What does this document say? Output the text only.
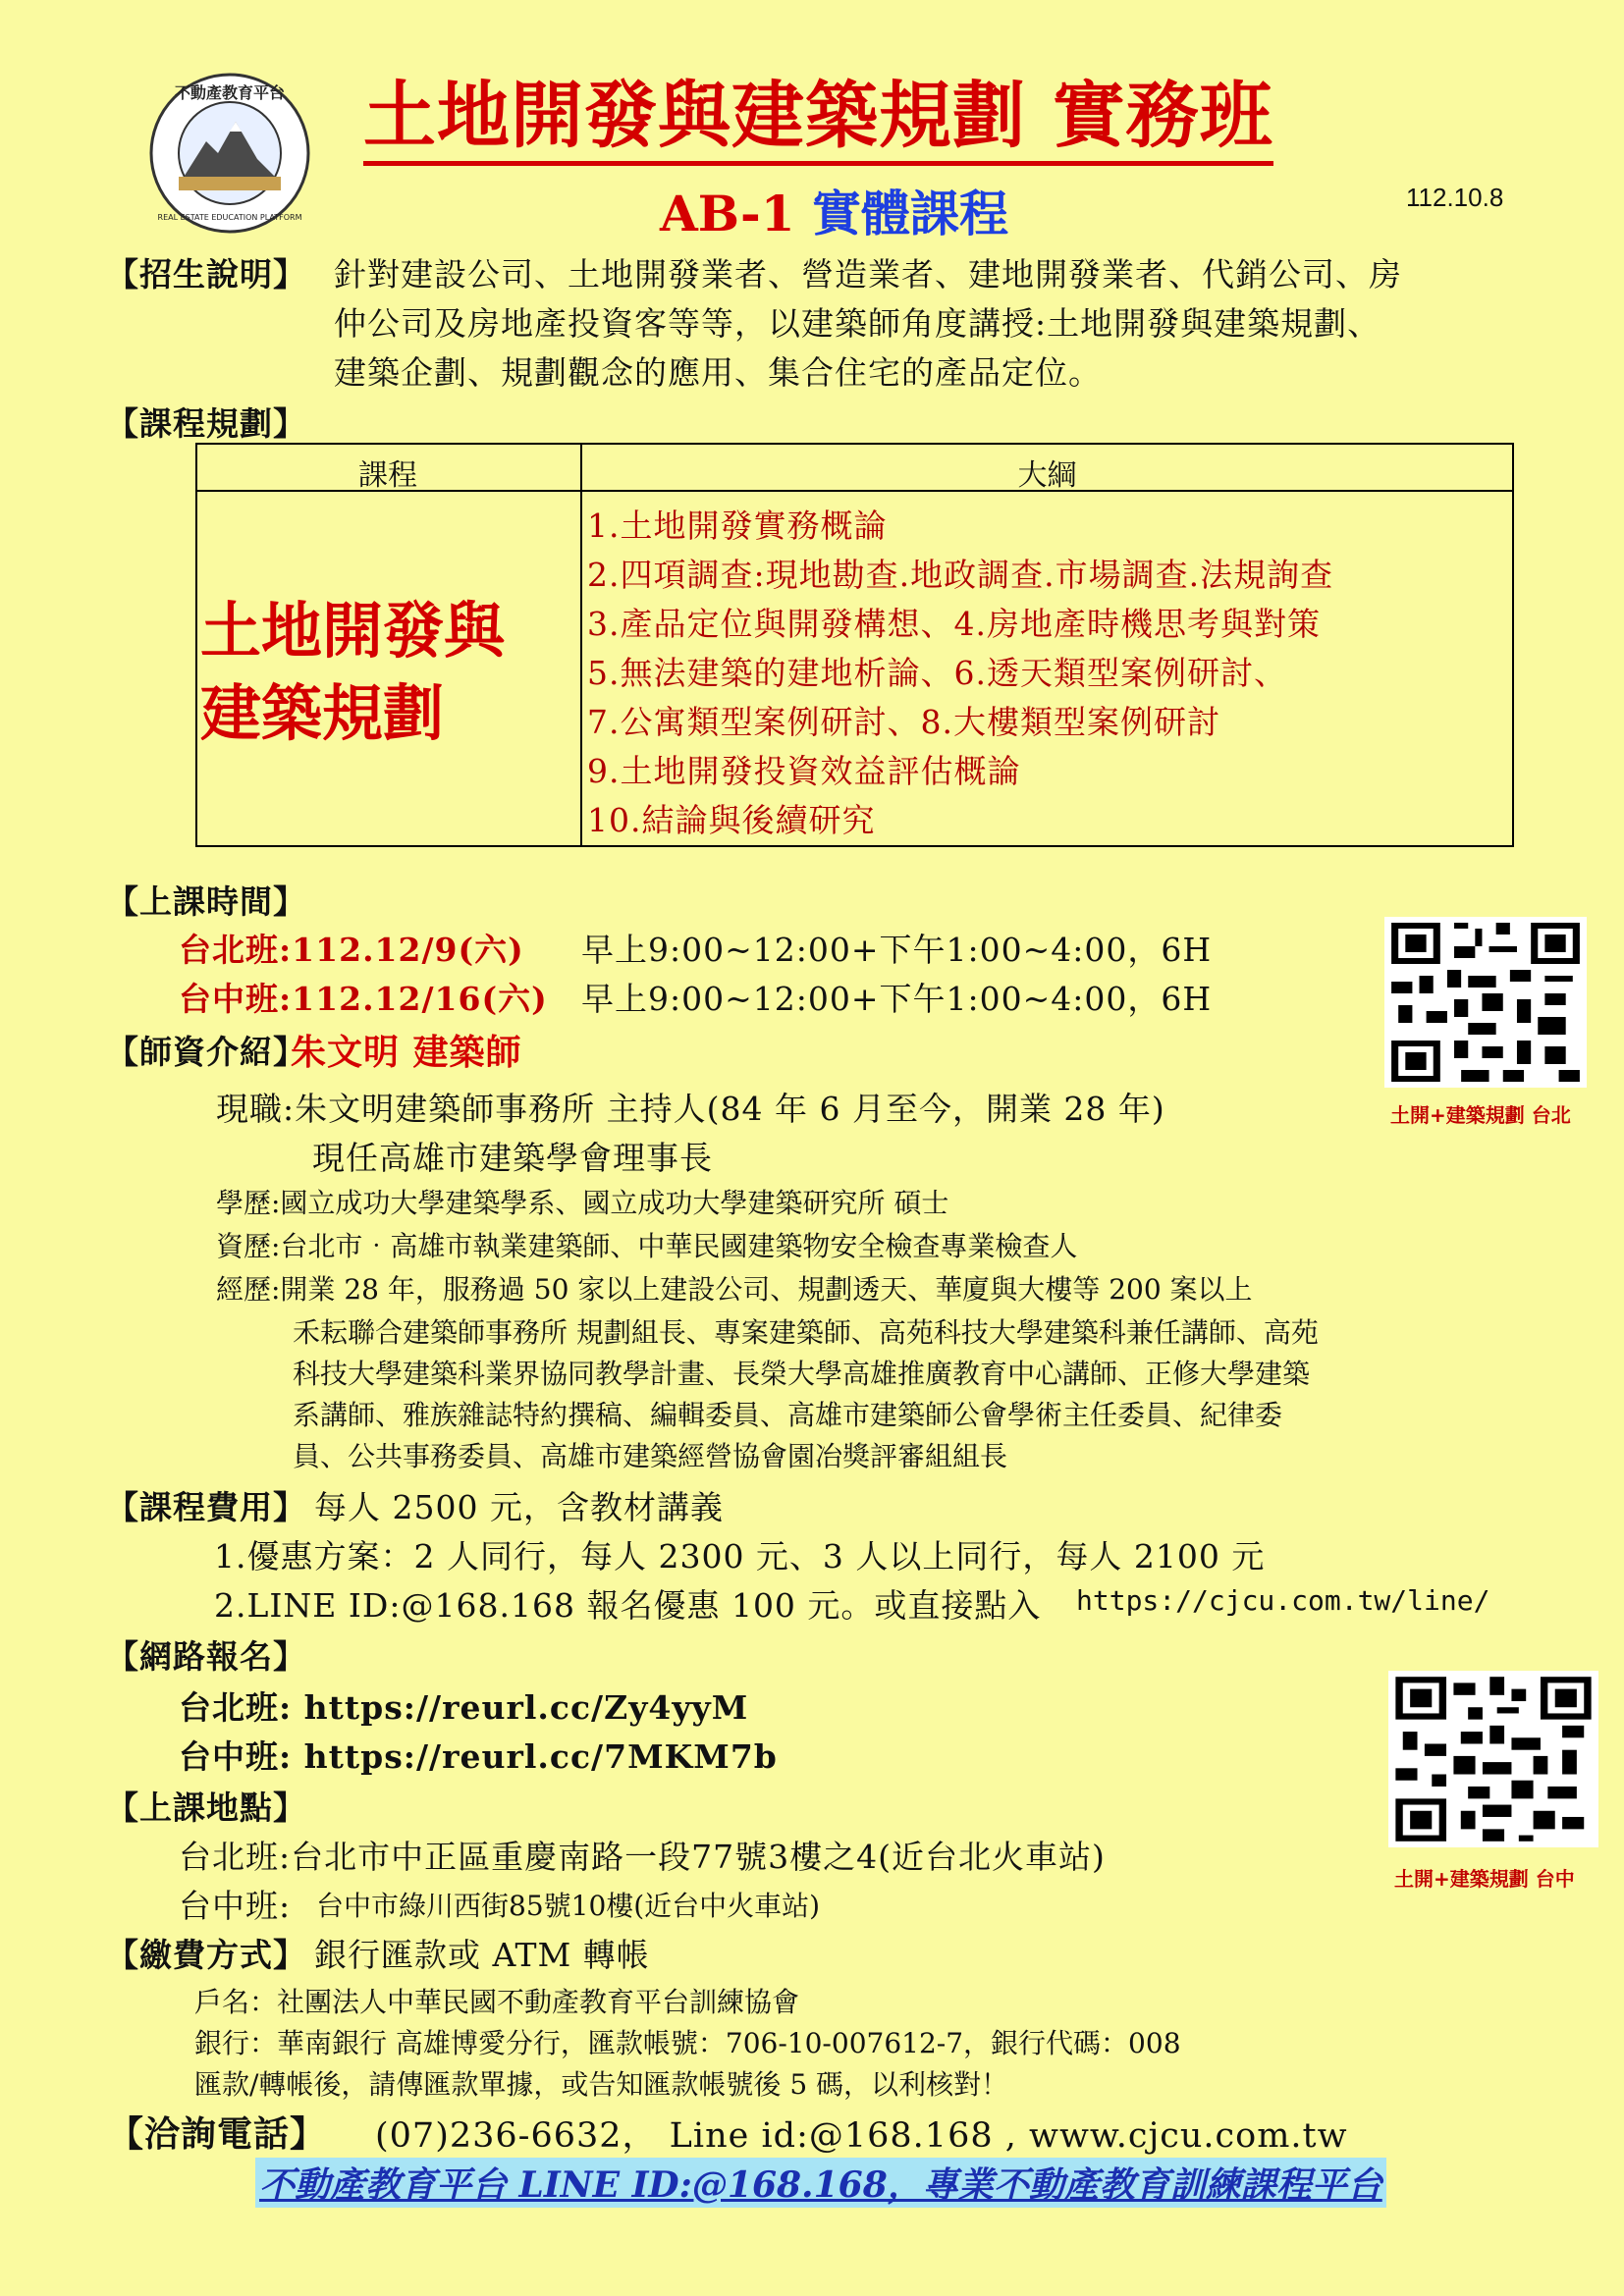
不動產教育平台
REAL ESTATE EDUCATION PLATFORM
土地開發與建築規劃 實務班
AB-1 實體課程	112.10.8
【招生說明】 針對建設公司、土地開發業者、營造業者、建地開發業者、代銷公司、房
仲公司及房地產投資客等等，以建築師角度講授:土地開發與建築規劃、
建築企劃、規劃觀念的應用、集合住宅的產品定位。
【課程規劃】
課程	大綱
土地開發與
建築規劃
1.土地開發實務概論
2.四項調查:現地勘查.地政調查.市場調查.法規詢查
3.產品定位與開發構想、4.房地產時機思考與對策
5.無法建築的建地析論、6.透天類型案例研討、
7.公寓類型案例研討、8.大樓類型案例研討
9.土地開發投資效益評估概論
10.結論與後續研究
【上課時間】
台北班:112.12/9(六) 早上9:00~12:00+下午1:00~4:00，6H
台中班:112.12/16(六) 早上9:00~12:00+下午1:00~4:00，6H
土開+建築規劃 台北
【師資介紹】
朱文明 建築師
現職:朱文明建築師事務所 主持人(84 年 6 月至今，開業 28 年)
現任高雄市建築學會理事長
學歷:國立成功大學建築學系、國立成功大學建築研究所 碩士
資歷:台北市‧高雄市執業建築師、中華民國建築物安全檢查專業檢查人
經歷:開業 28 年，服務過 50 家以上建設公司、規劃透天、華廈與大樓等 200 案以上
禾耘聯合建築師事務所 規劃組長、專案建築師、高苑科技大學建築科兼任講師、高苑
科技大學建築科業界協同教學計畫、長榮大學高雄推廣教育中心講師、正修大學建築
系講師、雅族雜誌特約撰稿、編輯委員、高雄市建築師公會學術主任委員、紀律委
員、公共事務委員、高雄市建築經營協會園冶獎評審組組長
【課程費用】 每人 2500 元，含教材講義
1.優惠方案：2 人同行，每人 2300 元、3 人以上同行，每人 2100 元
2.LINE ID:@168.168 報名優惠 100 元。或直接點入 https://cjcu.com.tw/line/
【網路報名】
台北班: https://reurl.cc/Zy4yyM
台中班: https://reurl.cc/7MKM7b
土開+建築規劃 台中
【上課地點】
台北班:台北市中正區重慶南路一段77號3樓之4(近台北火車站)
台中班: 台中市綠川西街85號10樓(近台中火車站)
【繳費方式】 銀行匯款或 ATM 轉帳
戶名：社團法人中華民國不動產教育平台訓練協會
銀行：華南銀行 高雄博愛分行，匯款帳號：706-10-007612-7，銀行代碼：008
匯款/轉帳後，請傳匯款單據，或告知匯款帳號後 5 碼，以利核對！
【洽詢電話】 (07)236-6632， Line id:@168.168 , www.cjcu.com.tw
不動產教育平台 LINE ID:@168.168，專業不動產教育訓練課程平台
